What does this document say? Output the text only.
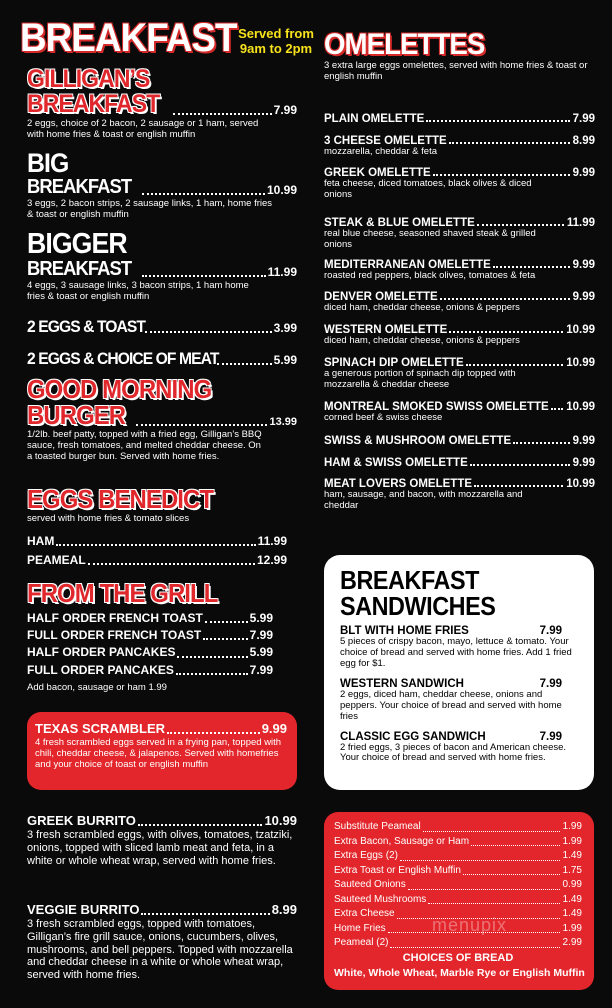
BREAKFAST Served from
9am to 2pm
GILLIGAN’S
BREAKFAST	7.99
2 eggs, choice of 2 bacon, 2 sausage or 1 ham, served with home fries & toast or english muffin
BIG
BREAKFAST	10.99
3 eggs, 2 bacon strips, 2 sausage links, 1 ham, home fries & toast or english muffin
BIGGER
BREAKFAST	11.99
4 eggs, 3 sausage links, 3 bacon strips, 1 ham home fries & toast or english muffin
2 EGGS & TOAST	3.99
2 EGGS & CHOICE OF MEAT	5.99
GOOD MORNING
BURGER	13.99
1/2lb. beef patty, topped with a fried egg, Gilligan’s BBQ sauce, fresh tomatoes, and melted cheddar cheese. On a toasted burger bun. Served with home fries.
EGGS BENEDICT
served with home fries & tomato slices
HAM	11.99
PEAMEAL	12.99
FROM THE GRILL
HALF ORDER FRENCH TOAST	5.99
FULL ORDER FRENCH TOAST	7.99
HALF ORDER PANCAKES	5.99
FULL ORDER PANCAKES	7.99
Add bacon, sausage or ham 1.99
TEXAS SCRAMBLER	9.99
4 fresh scrambled eggs served in a frying pan, topped with chili, cheddar cheese, & jalapenos. Served with homefries and your choice of toast or english muffin
GREEK BURRITO	10.99
3 fresh scrambled eggs, with olives, tomatoes, tzatziki, onions, topped with sliced lamb meat and feta, in a white or whole wheat wrap, served with home fries.
VEGGIE BURRITO	8.99
3 fresh scrambled eggs, topped with tomatoes, Gilligan’s fire grill sauce, onions, cucumbers, olives, mushrooms, and bell peppers. Topped with mozzarella and cheddar cheese in a white or whole wheat wrap, served with home fries.
OMELETTES
3 extra large eggs omelettes, served with home fries & toast or english muffin
PLAIN OMELETTE	7.99
3 CHEESE OMELETTE	8.99
mozzarella, cheddar & feta
GREEK OMELETTE	9.99
feta cheese, diced tomatoes, black olives & diced onions
STEAK & BLUE OMELETTE	11.99
real blue cheese, seasoned shaved steak & grilled onions
MEDITERRANEAN OMELETTE	9.99
roasted red peppers, black olives, tomatoes & feta
DENVER OMELETTE	9.99
diced ham, cheddar cheese, onions & peppers
WESTERN OMELETTE	10.99
diced ham, cheddar cheese, onions & peppers
SPINACH DIP OMELETTE	10.99
a generous portion of spinach dip topped with mozzarella & cheddar cheese
MONTREAL SMOKED SWISS OMELETTE 10.99
corned beef & swiss cheese
SWISS & MUSHROOM OMELETTE	9.99
HAM & SWISS OMELETTE	9.99
MEAT LOVERS OMELETTE	10.99
ham, sausage, and bacon, with mozzarella and cheddar
BREAKFAST
SANDWICHES
BLT WITH HOME FRIES	7.99
5 pieces of crispy bacon, mayo, lettuce & tomato. Your choice of bread and served with home fries. Add 1 fried egg for $1.
WESTERN SANDWICH	7.99
2 eggs, diced ham, cheddar cheese, onions and peppers. Your choice of bread and served with home fries
CLASSIC EGG SANDWICH	7.99
2 fried eggs, 3 pieces of bacon and American cheese. Your choice of bread and served with home fries.
Substitute Peameal	1.99
Extra Bacon, Sausage or Ham	1.99
Extra Eggs (2)	1.49
Extra Toast or English Muffin	1.75
Sauteed Onions	0.99
Sauteed Mushrooms	1.49
Extra Cheese	1.49
Home Fries	1.99
Peameal (2)	2.99
CHOICES OF BREAD
White, Whole Wheat, Marble Rye or English Muffin
menupix
